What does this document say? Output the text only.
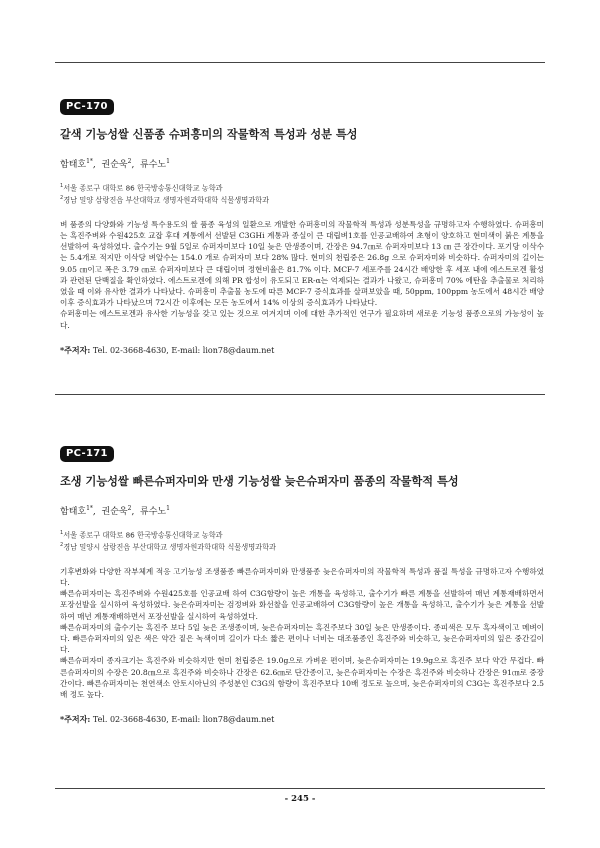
PC-170
갈색 기능성쌀 신품종 슈퍼흥미의 작물학적 특성과 성분 특성
함태호$^{1*}$,  권순욱$^2$,  류수노$^1$
$^1$서울 종로구 대학로 86 한국방송통신대학교 농학과
$^2$경남 밀양 삼랑진읍 부산대학교 생명자원과학대학 식물생명과학과

벼 품종의 다양화와 기능성 특수용도의 쌀 품종 육성의 일환으로 개발한 슈퍼흥미의 작물학적 특성과 성분특성을 규명하고자 수행하였다. 슈퍼흥미는 흑진주벼와 수원425호 교잡 후대 계통에서 선발된 C3GHi 계통과 종실이 큰 대립벼1호를 인공교배하여 초형이 양호하고 현미색이 붉은 계통을 선발하여 육성하였다. 출수기는 9월 5일로 슈퍼자미보다 10일 늦은 만생종이며, 간장은 94.7㎝로 슈퍼자미보다 13 ㎝ 큰 장간이다. 포기당 이삭수는 5.4개로 적지만 이삭당 벼알수는 154.0 개로 슈퍼자미 보다 28% 많다. 현미의 천립중은 26.8g 으로 슈퍼자미와 비슷하다. 슈퍼자미의 길이는 9.05 ㎝이고 폭은 3.79 ㎝로 슈퍼자미보다 큰 대립이며 정현비율은 81.7% 이다. MCF-7 세포주를 24시간 배양한 후 세포 내에 에스트로겐 활성과 관련된 단백질을 확인하였다. 에스트로겐에 의해 PR 합성이 유도되고 ER-α는 억제되는 결과가 나왔고, 슈퍼흥미 70% 에탄올 추출물로 처리하였을 때 이와 유사한 결과가 나타났다. 슈퍼흥미 추출물 농도에 따른 MCF-7 증식효과를 살펴보았을 때, 50ppm, 100ppm 농도에서 48시간 배양이후 증식효과가 나타났으며 72시간 이후에는 모든 농도에서 14% 이상의 증식효과가 나타났다.

슈퍼흥미는 에스트로겐과 유사한 기능성을 갖고 있는 것으로 여겨지며 이에 대한 추가적인 연구가 필요하며 새로운 기능성 품종으로의 가능성이 높다.

*주저자: Tel. 02-3668-4630, E-mail: lion78@daum.net
PC-171
조생 기능성쌀 빠른슈퍼자미와 만생 기능성쌀 늦은슈퍼자미 품종의 작물학적 특성
함태호$^{1*}$,  권순욱$^2$,  류수노$^1$
$^1$서울 종로구 대학로 86 한국방송통신대학교 농학과
$^2$경남 밀양시 삼랑진읍 부산대학교 생명자원과학대학 식물생명과학과

기후변화와 다양한 작부체계 적응 고기능성 조생품종 빠른슈퍼자미와 만생품종 늦은슈퍼자미의 작물학적 특성과 품질 특성을 규명하고자 수행하였다.

빠른슈퍼자미는 흑진주벼와 수원425호를 인공교배 하여 C3G함량이 높은 개통을 육성하고, 출수기가 빠른 계통을 선발하여 매년 계통재배하면서 포장선발을 실시하여 육성하였다. 늦은슈퍼자미는 검정벼와 화선찰을 인공교배하여 C3G함량이 높은 개통을 육성하고, 출수기가 늦은 계통을 선발하여 매년 계통재배하면서 포장선발을 실시하여 육성하였다.

빠른슈퍼자미의 출수기는 흑진주 보다 5일 늦은 조생종이며, 늦은슈퍼자미는 흑진주보다 30일 늦은 만생종이다. 종피색은 모두 흑자색이고 메벼이다. 빠른슈퍼자미의 잎은 색은 약간 짙은 녹색이며 길이가 다소 짧은 편이나 너비는 대조품종인 흑진주와 비슷하고, 늦은슈퍼자미의 잎은 중간길이다.

빠른슈퍼자미 종자크기는 흑진주와 비슷하지만 현미 천립중은 19.0g으로 가벼운 편이며, 늦은슈퍼자미는 19.9g으로 흑진주 보다 약간 무겁다. 빠른슈퍼자미의 수장은 20.8㎝으로 흑진주와 비슷하나 간장은 62.6㎝로 단간종이고, 늦은슈퍼자미는 수장은 흑진주와 비슷하나 간장은 91㎝로 중장간이다. 빠른슈퍼자미는 천연색소 안토시아닌의 주성분인 C3G의 함량이 흑진주보다 10배 정도로 높으며, 늦은슈퍼자미의 C3G는 흑진주보다 2.5배 정도 높다.

*주저자: Tel. 02-3668-4630, E-mail: lion78@daum.net
- 245 -
